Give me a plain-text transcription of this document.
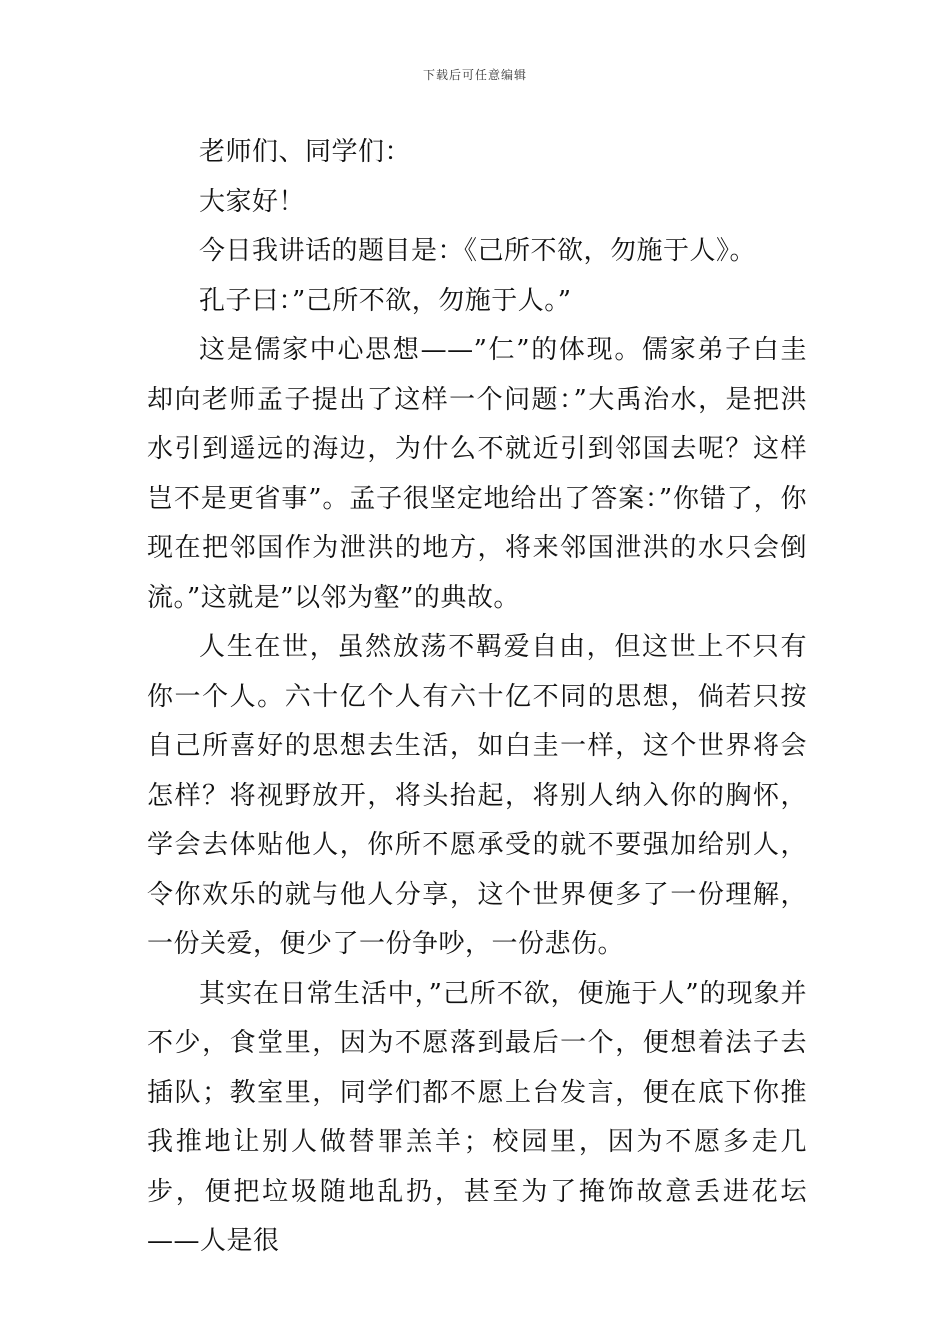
下载后可任意编辑

老师们、同学们：

大家好！

今日我讲话的题目是：《己所不欲，勿施于人》。

孔子曰：”己所不欲，勿施于人。”

这是儒家中心思想——”仁”的体现。儒家弟子白圭却向老师孟子提出了这样一个问题：”大禹治水，是把洪水引到遥远的海边，为什么不就近引到邻国去呢？这样岂不是更省事”。孟子很坚定地给出了答案：”你错了，你现在把邻国作为泄洪的地方，将来邻国泄洪的水只会倒流。”这就是”以邻为壑”的典故。

人生在世，虽然放荡不羁爱自由，但这世上不只有你一个人。六十亿个人有六十亿不同的思想，倘若只按自己所喜好的思想去生活，如白圭一样，这个世界将会怎样？将视野放开，将头抬起，将别人纳入你的胸怀，学会去体贴他人，你所不愿承受的就不要强加给别人，令你欢乐的就与他人分享，这个世界便多了一份理解，一份关爱，便少了一份争吵，一份悲伤。

其实在日常生活中，”己所不欲，便施于人”的现象并不少，食堂里，因为不愿落到最后一个，便想着法子去插队；教室里，同学们都不愿上台发言，便在底下你推我推地让别人做替罪羔羊；校园里，因为不愿多走几步，便把垃圾随地乱扔，甚至为了掩饰故意丢进花坛——人是很
